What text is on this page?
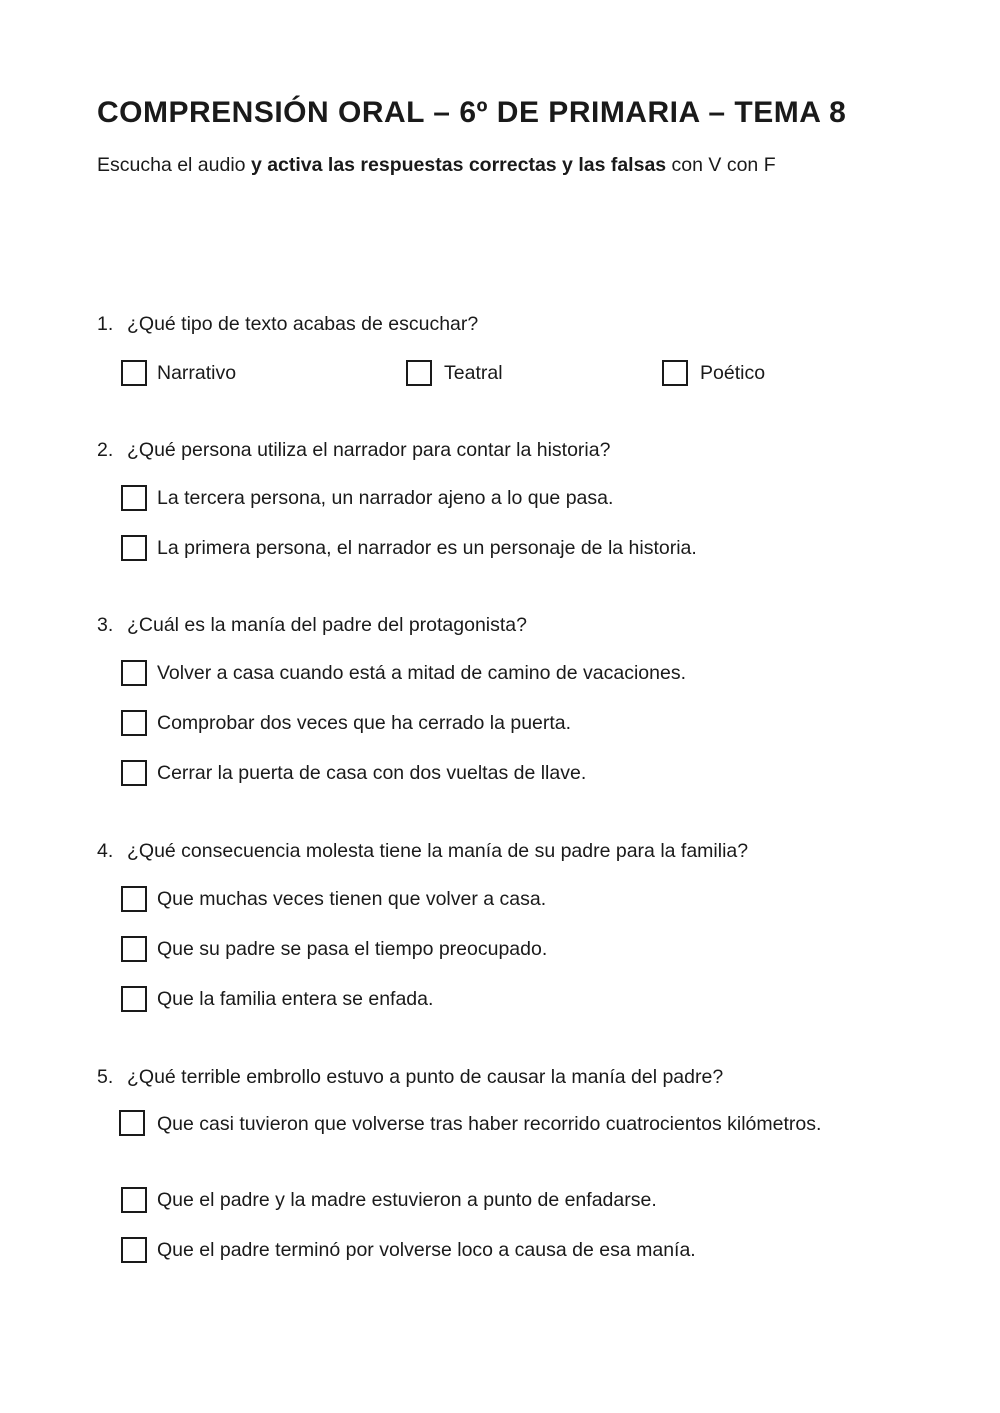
COMPRENSIÓN ORAL – 6º DE PRIMARIA – TEMA 8
Escucha el audio y activa las respuestas correctas y las falsas con V con F
1. ¿Qué tipo de texto acabas de escuchar?
Narrativo	Teatral	Poético
2. ¿Qué persona utiliza el narrador para contar la historia?
La tercera persona, un narrador ajeno a lo que pasa.
La primera persona, el narrador es un personaje de la historia.
3. ¿Cuál es la manía del padre del protagonista?
Volver a casa cuando está a mitad de camino de vacaciones.
Comprobar dos veces que ha cerrado la puerta.
Cerrar la puerta de casa con dos vueltas de llave.
4. ¿Qué consecuencia molesta tiene la manía de su padre para la familia?
Que muchas veces tienen que volver a casa.
Que su padre se pasa el tiempo preocupado.
Que la familia entera se enfada.
5. ¿Qué terrible embrollo estuvo a punto de causar la manía del padre?
Que casi tuvieron que volverse tras haber recorrido cuatrocientos kilómetros.
Que el padre y la madre estuvieron a punto de enfadarse.
Que el padre terminó por volverse loco a causa de esa manía.
